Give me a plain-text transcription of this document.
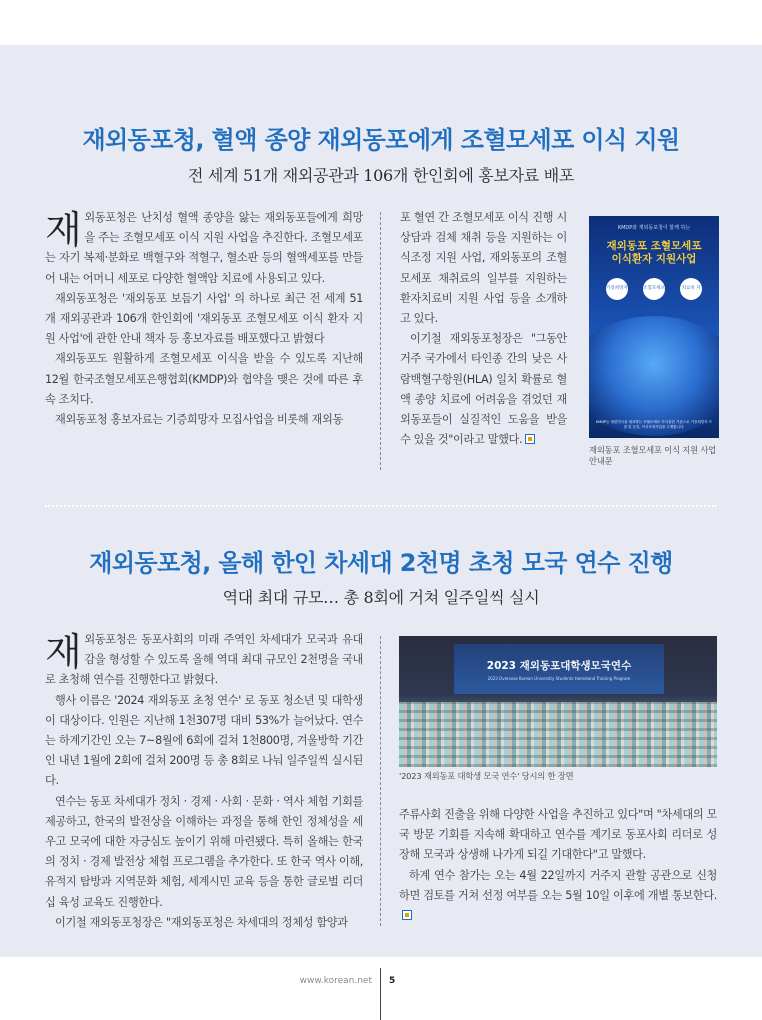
재외동포청, 혈액 종양 재외동포에게 조혈모세포 이식 지원
전 세계 51개 재외공관과 106개 한인회에 홍보자료 배포

재외동포청은 난치성 혈액 종양을 앓는 재외동포들에게 희망을 주는 조혈모세포 이식 지원 사업을 추진한다. 조혈모세포는 자기 복제·분화로 백혈구와 적혈구, 혈소판 등의 혈액세포를 만들어 내는 어머니 세포로 다양한 혈액암 치료에 사용되고 있다.

재외동포청은 '재외동포 보듬기 사업' 의 하나로 최근 전 세계 51개 재외공관과 106개 한인회에 '재외동포 조혈모세포 이식 환자 지원 사업'에 관한 안내 책자 등 홍보자료를 배포했다고 밝혔다

재외동포도 원활하게 조혈모세포 이식을 받을 수 있도록 지난해 12월 한국조혈모세포은행협회(KMDP)와 협약을 맺은 것에 따른 후속 조치다.

재외동포청 홍보자료는 기증희망자 모집사업을 비롯해 재외동

포 혈연 간 조혈모세포 이식 진행 시 상담과 검체 채취 등을 지원하는 이식조정 지원 사업, 재외동포의 조혈모세포 채취료의 일부를 지원하는 환자치료비 지원 사업 등을 소개하고 있다.

이기철 재외동포청장은 "그동안 거주 국가에서 타인종 간의 낮은 사람백혈구항원(HLA) 일치 확률로 혈액 종양 치료에 어려움을 겪었던 재외동포들이 실질적인 도움을 받을 수 있을 것"이라고 말했다.

KMDP와 재외동포청이 함께 하는
재외동포 조혈모세포
이식환자 지원사업
기증희망자 모집
조혈모세포 이식조정
치료비 지원
KMDP는 대한민국을 대표하는 조혈모세포 이식관련 기관으로 기증희망자 모집 및 등록, 이식조정사업을 수행합니다.
재외동포 조혈모세포 이식 지원 사업 안내문
재외동포청, 올해 한인 차세대 2천명 초청 모국 연수 진행
역대 최대 규모… 총 8회에 거쳐 일주일씩 실시

재외동포청은 동포사회의 미래 주역인 차세대가 모국과 유대감을 형성할 수 있도록 올해 역대 최대 규모인 2천명을 국내로 초청해 연수를 진행한다고 밝혔다.

행사 이름은 '2024 재외동포 초청 연수' 로 동포 청소년 및 대학생이 대상이다. 인원은 지난해 1천307명 대비 53%가 늘어났다. 연수는 하계기간인 오는 7~8월에 6회에 걸쳐 1천800명, 겨울방학 기간인 내년 1월에 2회에 걸쳐 200명 등 총 8회로 나눠 일주일씩 실시된다.

연수는 동포 차세대가 정치 · 경제 · 사회 · 문화 · 역사 체험 기회를 제공하고, 한국의 발전상을 이해하는 과정을 통해 한인 정체성을 세우고 모국에 대한 자긍심도 높이기 위해 마련됐다. 특히 올해는 한국의 정치 · 경제 발전상 체험 프로그램을 추가한다. 또 한국 역사 이해, 유적지 탐방과 지역문화 체험, 세계시민 교육 등을 통한 글로벌 리더십 육성 교육도 진행한다.

이기철 재외동포청장은 "재외동포청은 차세대의 정체성 함양과

2023 재외동포대학생모국연수
2023 Overseas Korean University Students Homeland Training Program
'2023 재외동포 대학생 모국 연수' 당시의 한 장면

주류사회 진출을 위해 다양한 사업을 추진하고 있다"며 "차세대의 모국 방문 기회를 지속해 확대하고 연수를 계기로 동포사회 리더로 성장해 모국과 상생해 나가게 되길 기대한다"고 말했다.

하계 연수 참가는 오는 4월 22일까지 거주지 관할 공관으로 신청하면 검토를 거쳐 선정 여부를 오는 5월 10일 이후에 개별 통보한다.

www.korean.net 5
